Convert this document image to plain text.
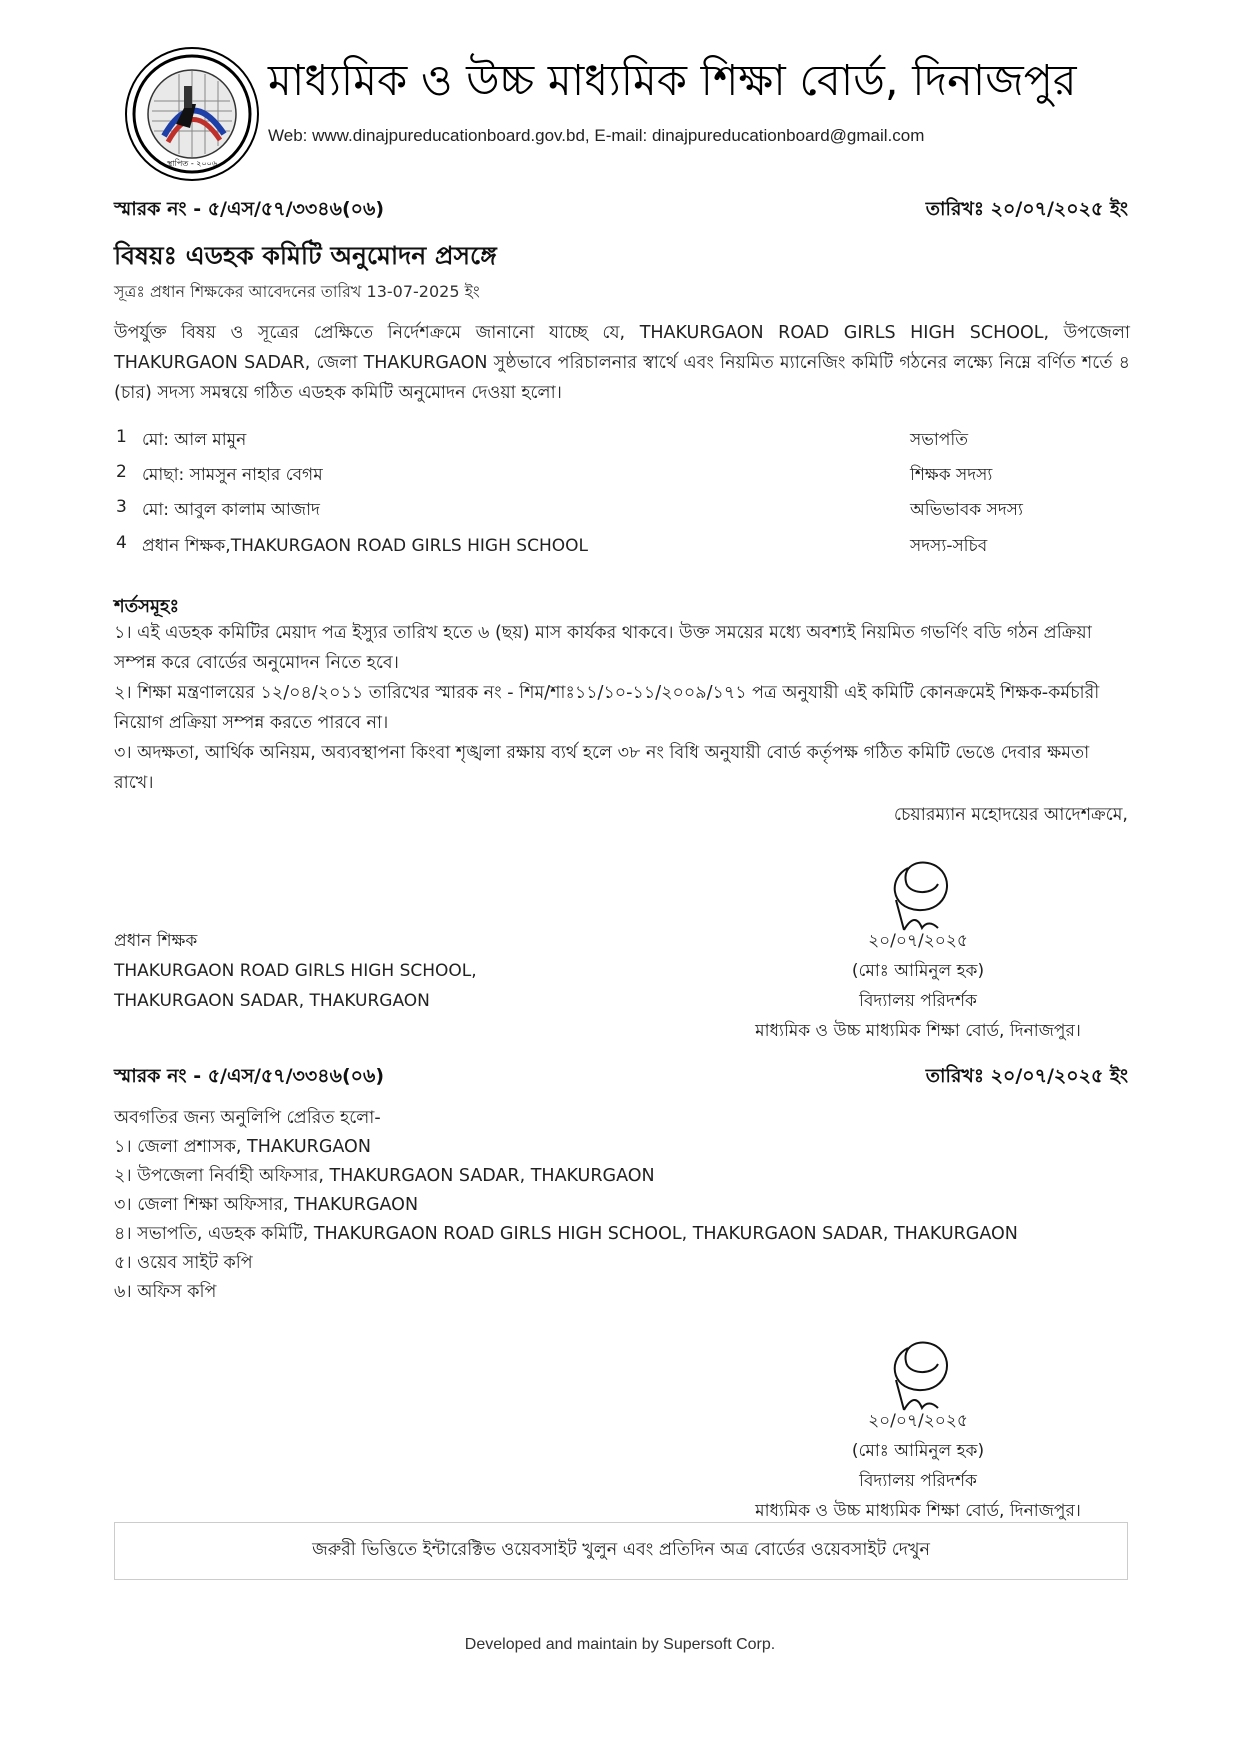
স্থাপিত - ২০০৬
মাধ্যমিক ও উচ্চ মাধ্যমিক শিক্ষা বোর্ড, দিনাজপুর
Web: www.dinajpureducationboard.gov.bd, E-mail: dinajpureducationboard@gmail.com
স্মারক নং - ৫/এস/৫৭/৩৩৪৬(০৬)	তারিখঃ ২০/০৭/২০২৫ ইং
বিষয়ঃ এডহক কমিটি অনুমোদন প্রসঙ্গে
সূত্রঃ প্রধান শিক্ষকের আবেদনের তারিখ 13-07-2025 ইং
উপর্যুক্ত বিষয় ও সূত্রের প্রেক্ষিতে নির্দেশক্রমে জানানো যাচ্ছে যে, THAKURGAON ROAD GIRLS HIGH SCHOOL, উপজেলা THAKURGAON SADAR, জেলা THAKURGAON সুষ্ঠভাবে পরিচালনার স্বার্থে এবং নিয়মিত ম্যানেজিং কমিটি গঠনের লক্ষ্যে নিম্নে বর্ণিত শর্তে ৪ (চার) সদস্য সমন্বয়ে গঠিত এডহক কমিটি অনুমোদন দেওয়া হলো।
1 মো: আল মামুন	সভাপতি
2 মোছা: সামসুন নাহার বেগম	শিক্ষক সদস্য
3 মো: আবুল কালাম আজাদ	অভিভাবক সদস্য
4 প্রধান শিক্ষক,THAKURGAON ROAD GIRLS HIGH SCHOOL	সদস্য-সচিব
শর্তসমূহঃ
১। এই এডহক কমিটির মেয়াদ পত্র ইস্যুর তারিখ হতে ৬ (ছয়) মাস কার্যকর থাকবে। উক্ত সময়ের মধ্যে অবশ্যই নিয়মিত গভর্ণিং বডি গঠন প্রক্রিয়া সম্পন্ন করে বোর্ডের অনুমোদন নিতে হবে।
২। শিক্ষা মন্ত্রণালয়ের ১২/০৪/২০১১ তারিখের স্মারক নং - শিম/শাঃ১১/১০-১১/২০০৯/১৭১ পত্র অনুযায়ী এই কমিটি কোনক্রমেই শিক্ষক-কর্মচারী নিয়োগ প্রক্রিয়া সম্পন্ন করতে পারবে না।
৩। অদক্ষতা, আর্থিক অনিয়ম, অব্যবস্থাপনা কিংবা শৃঙ্খলা রক্ষায় ব্যর্থ হলে ৩৮ নং বিধি অনুযায়ী বোর্ড কর্তৃপক্ষ গঠিত কমিটি ভেঙে দেবার ক্ষমতা রাখে।
চেয়ারম্যান মহোদয়ের আদেশক্রমে,
২০/০৭/২০২৫
(মোঃ আমিনুল হক)
বিদ্যালয় পরিদর্শক
মাধ্যমিক ও উচ্চ মাধ্যমিক শিক্ষা বোর্ড, দিনাজপুর।
প্রধান শিক্ষক
THAKURGAON ROAD GIRLS HIGH SCHOOL,
THAKURGAON SADAR, THAKURGAON
স্মারক নং - ৫/এস/৫৭/৩৩৪৬(০৬)	তারিখঃ ২০/০৭/২০২৫ ইং
অবগতির জন্য অনুলিপি প্রেরিত হলো-
১। জেলা প্রশাসক, THAKURGAON
২। উপজেলা নির্বাহী অফিসার, THAKURGAON SADAR, THAKURGAON
৩। জেলা শিক্ষা অফিসার, THAKURGAON
৪। সভাপতি, এডহক কমিটি, THAKURGAON ROAD GIRLS HIGH SCHOOL, THAKURGAON SADAR, THAKURGAON
৫। ওয়েব সাইট কপি
৬। অফিস কপি
২০/০৭/২০২৫
(মোঃ আমিনুল হক)
বিদ্যালয় পরিদর্শক
মাধ্যমিক ও উচ্চ মাধ্যমিক শিক্ষা বোর্ড, দিনাজপুর।
জরুরী ভিত্তিতে ইন্টারেক্টিভ ওয়েবসাইট খুলুন এবং প্রতিদিন অত্র বোর্ডের ওয়েবসাইট দেখুন
Developed and maintain by Supersoft Corp.
